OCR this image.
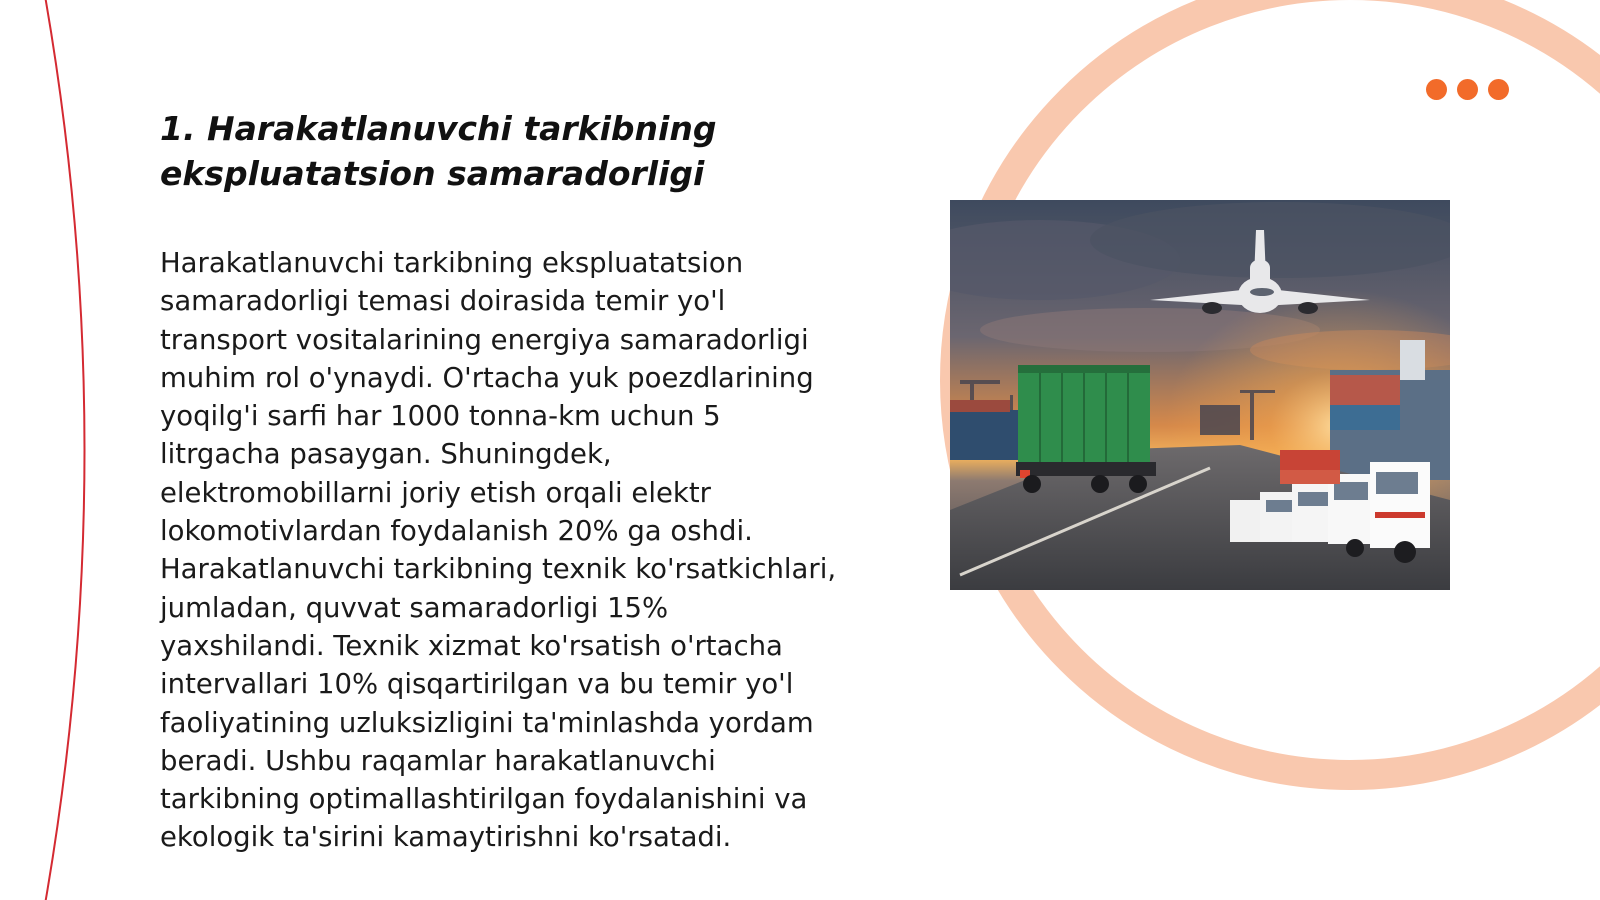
1. Harakatlanuvchi tarkibning ekspluatatsion samaradorligi

Harakatlanuvchi tarkibning ekspluatatsion samaradorligi temasi doirasida temir yo'l transport vositalarining energiya samaradorligi muhim rol o'ynaydi. O'rtacha yuk poezdlarining yoqilg'i sarfi har 1000 tonna-km uchun 5 litrgacha pasaygan. Shuningdek, elektromobillarni joriy etish orqali elektr lokomotivlardan foydalanish 20% ga oshdi. Harakatlanuvchi tarkibning texnik ko'rsatkichlari, jumladan, quvvat samaradorligi 15% yaxshilandi. Texnik xizmat ko'rsatish o'rtacha intervallari 10% qisqartirilgan va bu temir yo'l faoliyatining uzluksizligini ta'minlashda yordam beradi. Ushbu raqamlar harakatlanuvchi tarkibning optimallashtirilgan foydalanishini va ekologik ta'sirini kamaytirishni ko'rsatadi.
